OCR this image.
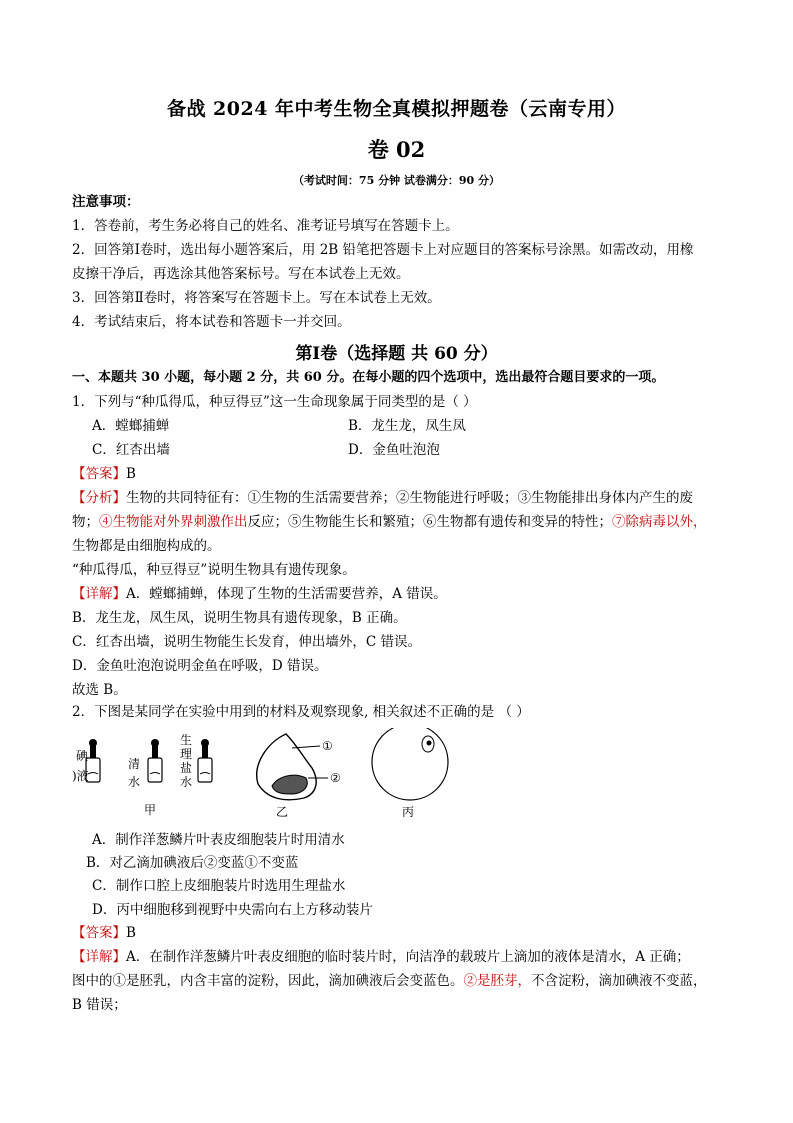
备战 2024 年中考生物全真模拟押题卷（云南专用）
卷 02
（考试时间：75 分钟 试卷满分：90 分）
注意事项：
1．答卷前，考生务必将自己的姓名、准考证号填写在答题卡上。
2．回答第Ⅰ卷时，选出每小题答案后，用 2B 铅笔把答题卡上对应题目的答案标号涂黑。如需改动，用橡
皮擦干净后，再选涂其他答案标号。写在本试卷上无效。
3．回答第Ⅱ卷时，将答案写在答题卡上。写在本试卷上无效。
4．考试结束后，将本试卷和答题卡一并交回。
第Ⅰ卷（选择题 共 60 分）
一、本题共 30 小题，每小题 2 分，共 60 分。在每小题的四个选项中，选出最符合题目要求的一项。
1．下列与“种瓜得瓜，种豆得豆”这一生命现象属于同类型的是（ ）
A．螳螂捕蝉	B．龙生龙，凤生凤
C．红杏出墙	D．金鱼吐泡泡
【答案】B
【分析】生物的共同特征有：①生物的生活需要营养；②生物能进行呼吸；③生物能排出身体内产生的废
物；④生物能对外界刺激作出反应；⑤生物能生长和繁殖；⑥生物都有遗传和变异的特性；⑦除病毒以外，
生物都是由细胞构成的。
“种瓜得瓜，种豆得豆”说明生物具有遗传现象。
【详解】A．螳螂捕蝉，体现了生物的生活需要营养，A 错误。
B．龙生龙，凤生凤，说明生物具有遗传现象，B 正确。
C．红杏出墙，说明生物能生长发育，伸出墙外，C 错误。
D．金鱼吐泡泡说明金鱼在呼吸，D 错误。
故选 B。
2．下图是某同学在实验中用到的材料及观察现象, 相关叙述不正确的是 （ ）
碘)液
清水
生理盐水
甲
①
②
乙	丙
A．制作洋葱鳞片叶表皮细胞装片时用清水
B．对乙滴加碘液后②变蓝①不变蓝
C．制作口腔上皮细胞装片时选用生理盐水
D．丙中细胞移到视野中央需向右上方移动装片
【答案】B
【详解】A．在制作洋葱鳞片叶表皮细胞的临时装片时，向洁净的载玻片上滴加的液体是清水，A 正确；
图中的①是胚乳，内含丰富的淀粉，因此，滴加碘液后会变蓝色。②是胚芽，不含淀粉，滴加碘液不变蓝，
B 错误；
